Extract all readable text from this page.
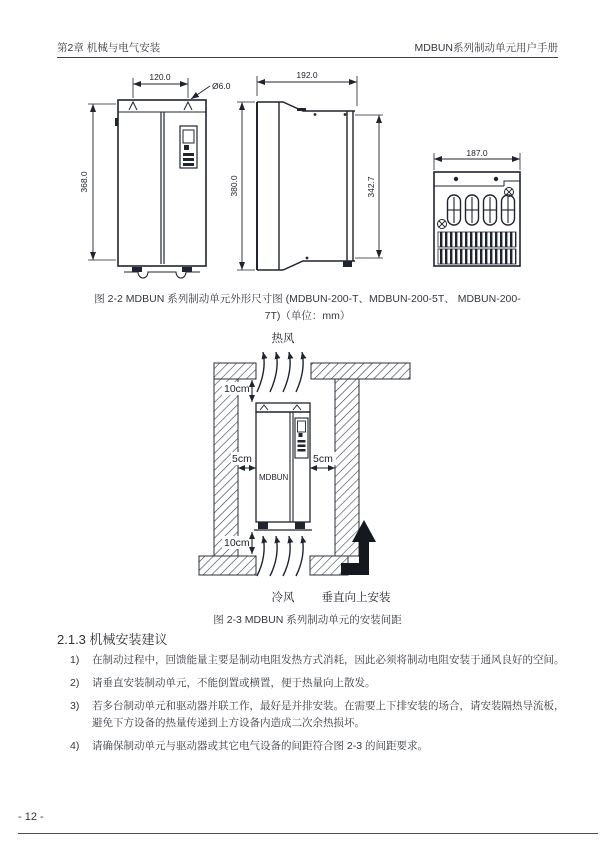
第2章 机械与电气安装	MDBUN系列制动单元用户手册
120.0
Ø6.0
368.0
192.0
380.0	342.7
187.0
图 2-2 MDBUN 系列制动单元外形尺寸图 (MDBUN-200-T、MDBUN-200-5T、 MDBUN-200-
7T)（单位：mm）
热风
MDBUN
10cm
10cm
5cm	5cm
冷风 垂直向上安装
图 2-3 MDBUN 系列制动单元的安装间距
2.1.3 机械安装建议
1)	在制动过程中，回馈能量主要是制动电阻发热方式消耗，因此必须将制动电阻安装于通风良好的空间。
2)	请垂直安装制动单元，不能倒置或横置，便于热量向上散发。
3)	若多台制动单元和驱动器并联工作，最好是并排安装。在需要上下排安装的场合，请安装隔热导流板，避免下方设备的热量传递到上方设备内造成二次余热损坏。
4)	请确保制动单元与驱动器或其它电气设备的间距符合图 2-3 的间距要求。
- 12 -
